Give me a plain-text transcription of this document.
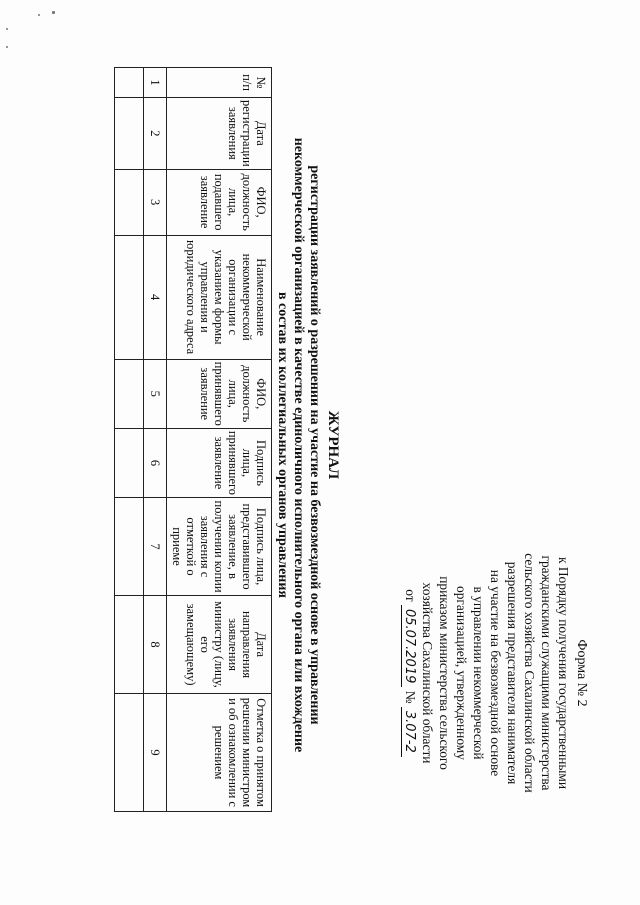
Форма № 2
к Порядку получения государственными
гражданскими служащими министерства
сельского хозяйства Сахалинской области
разрешения представителя нанимателя
на участие на безвозмездной основе
в управлении некоммерческой
организацией, утвержденному
приказом министерства сельского
хозяйства Сахалинской области
от 05.07.2019 № 3.07-2
ЖУРНАЛ
регистрации заявлений о разрешении на участие на безвозмездной основе в управлении
некоммерческой организацией в качестве единоличного исполнительного органа или вхождение
в состав их коллегиальных органов управления
№ п/п	Дата регистрации заявления	ФИО, должность лица, подавшего заявление	Наименование некоммерческой организации с указанием формы управления и юридического адреса	ФИО, должность лица, принявшего заявление	Подпись лица, принявшего заявление	Подпись лица, представившего заявление, в получении копии заявления с отметкой о приеме	Дата направления заявления министру (лицу, его замещающему)	Отметка о принятом решении министром и об ознакомлении с решением
1	2	3	4	5	6	7	8	9
